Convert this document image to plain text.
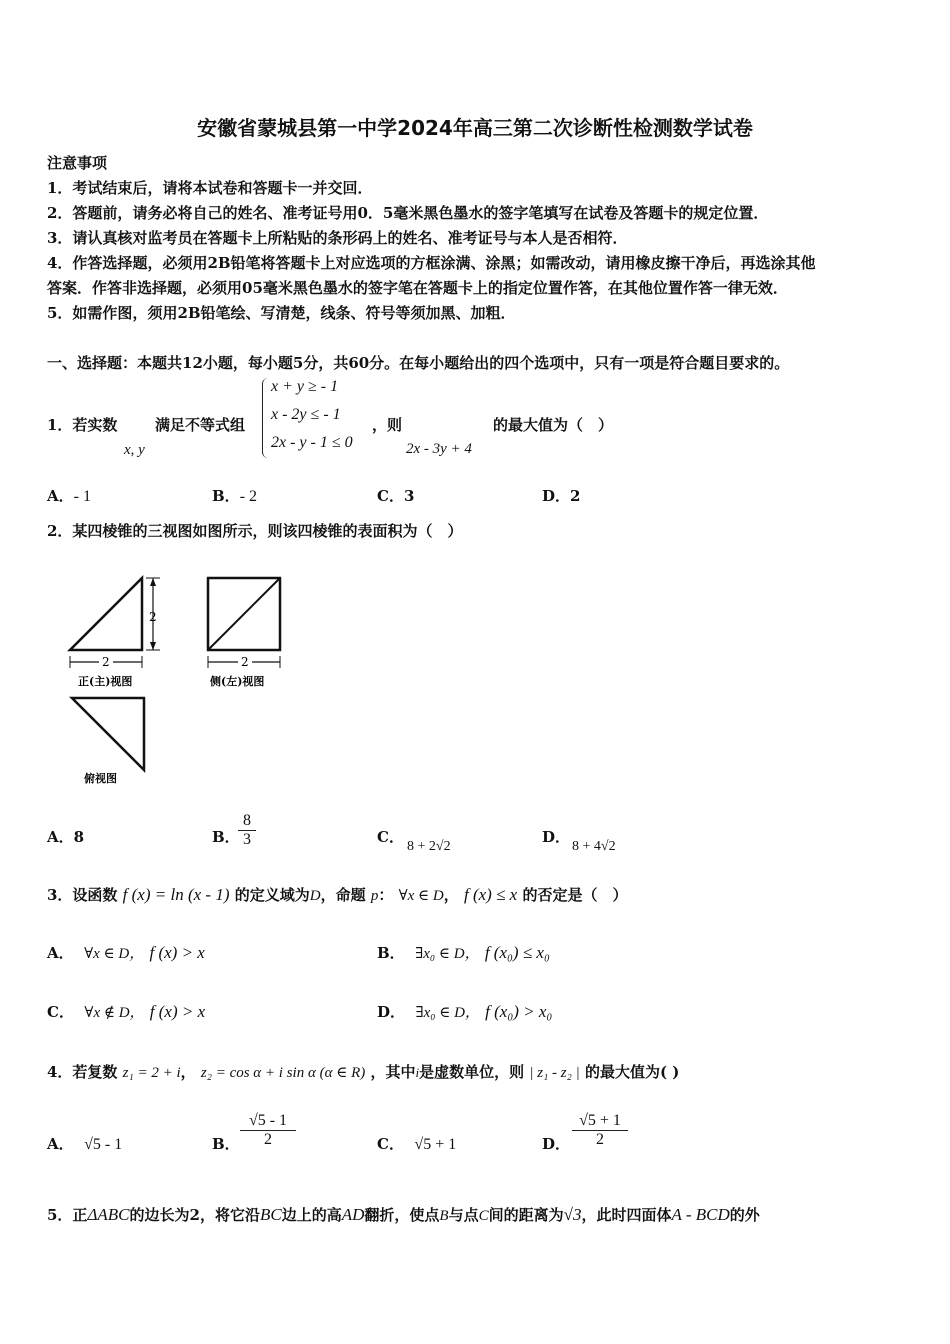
安徽省蒙城县第一中学2024年高三第二次诊断性检测数学试卷
注意事项
1．考试结束后，请将本试卷和答题卡一并交回．
2．答题前，请务必将自己的姓名、准考证号用0．5毫米黑色墨水的签字笔填写在试卷及答题卡的规定位置．
3．请认真核对监考员在答题卡上所粘贴的条形码上的姓名、准考证号与本人是否相符．
4．作答选择题，必须用2B铅笔将答题卡上对应选项的方框涂满、涂黑；如需改动，请用橡皮擦干净后，再选涂其他
答案．作答非选择题，必须用05毫米黑色墨水的签字笔在答题卡上的指定位置作答，在其他位置作答一律无效．
5．如需作图，须用2B铅笔绘、写清楚，线条、符号等须加黑、加粗．
一、选择题：本题共12小题，每小题5分，共60分。在每小题给出的四个选项中，只有一项是符合题目要求的。
1．若实数
x, y
满足不等式组
x + y ≥ - 1
x - 2y ≤ - 1
2x - y - 1 ≤ 0
，则
2x - 3y + 4
的最大值为（　）
A．- 1	B．- 2	C．3	D．2
2．某四棱锥的三视图如图所示，则该四棱锥的表面积为（　）
2
2
正(主)视图
2
侧(左)视图
俯视图
A．8	B．
$\frac{8}{3}$	C．
8 + 2√2
D．
8 + 4√2
3．设函数 f (x) = ln (x - 1) 的定义域为D，命题 p： ∀x ∈ D， f (x) ≤ x 的否定是（　）
A． ∀x ∈ D， f (x) > x	B． ∃x₀ ∈ D， f (x₀) ≤ x₀
C． ∀x ∉ D， f (x) > x	D． ∃x₀ ∈ D， f (x₀) > x₀
4．若复数 z₁ = 2 + i， z₂ = cos α + i sin α (α ∈ R) ，其中i是虚数单位，则 | z₁ - z₂ | 的最大值为( )
A． √5 - 1	B． $\frac{√5 - 1}{2}$	C． √5 + 1	D． $\frac{√5 + 1}{2}$
5．正ΔABC的边长为2，将它沿BC边上的高AD翻折，使点B与点C间的距离为√3，此时四面体A - BCD的外
